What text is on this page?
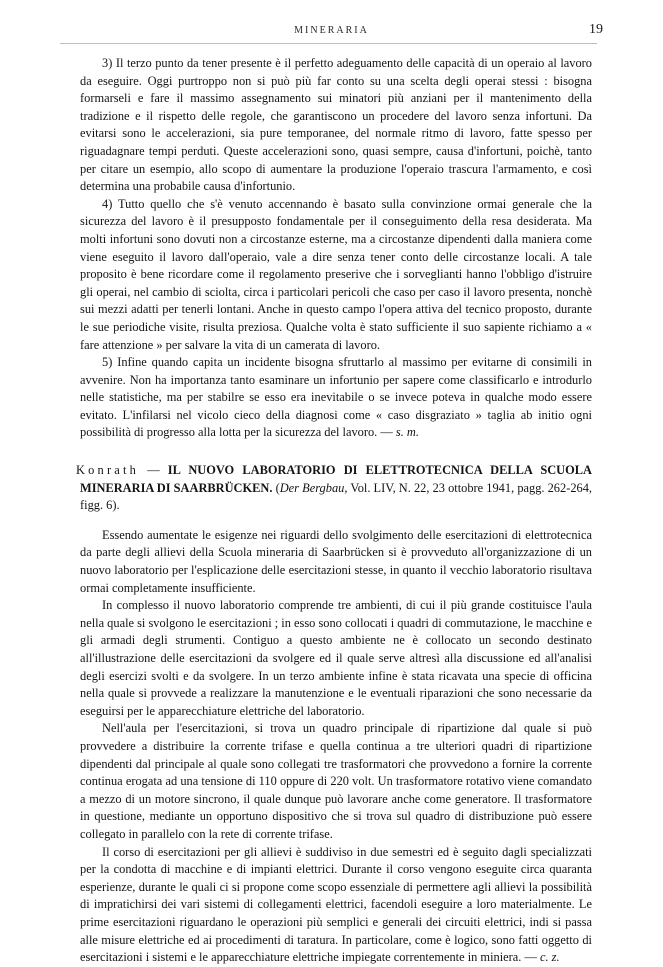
MINERARIA	19

3) Il terzo punto da tener presente è il perfetto adeguamento delle capacità di un operaio al lavoro da eseguire. Oggi purtroppo non si può più far conto su una scelta degli operai stessi : bisogna formarseli e fare il massimo assegnamento sui minatori più anziani per il mantenimento della tradizione e il rispetto delle regole, che garantiscono un procedere del lavoro senza infortuni. Da evitarsi sono le accelerazioni, sia pure temporanee, del normale ritmo di lavoro, fatte spesso per riguadagnare tempi perduti. Queste accelerazioni sono, quasi sempre, causa d'infortuni, poichè, tanto per citare un esempio, allo scopo di aumentare la produzione l'operaio trascura l'armamento, e così determina una probabile causa d'infortunio.

4) Tutto quello che s'è venuto accennando è basato sulla convinzione ormai generale che la sicurezza del lavoro è il presupposto fondamentale per il conseguimento della resa desiderata. Ma molti infortuni sono dovuti non a circostanze esterne, ma a circostanze dipendenti dalla maniera come viene eseguito il lavoro dall'operaio, vale a dire senza tener conto delle circostanze locali. A tale proposito è bene ricordare come il regolamento preserive che i sorveglianti hanno l'obbligo d'istruire gli operai, nel cambio di sciolta, circa i particolari pericoli che caso per caso il lavoro presenta, nonchè sui mezzi adatti per tenerli lontani. Anche in questo campo l'opera attiva del tecnico proposto, durante le sue periodiche visite, risulta preziosa. Qualche volta è stato sufficiente il suo sapiente richiamo a « fare attenzione » per salvare la vita di un camerata di lavoro.

5) Infine quando capita un incidente bisogna sfruttarlo al massimo per evitarne di consimili in avvenire. Non ha importanza tanto esaminare un infortunio per sapere come classificarlo e introdurlo nelle statistiche, ma per stabilre se esso era inevitabile o se invece poteva in qualche modo essere evitato. L'infilarsi nel vicolo cieco della diagnosi come « caso disgraziato » taglia ab initio ogni possibilità di progresso alla lotta per la sicurezza del lavoro. — s. m.

Konrath — IL NUOVO LABORATORIO DI ELETTROTECNICA DELLA SCUOLA MINERARIA DI SAARBRÜCKEN. (Der Bergbau, Vol. LIV, N. 22, 23 ottobre 1941, pagg. 262-264, figg. 6).

Essendo aumentate le esigenze nei riguardi dello svolgimento delle esercitazioni di elettrotecnica da parte degli allievi della Scuola mineraria di Saarbrücken si è provveduto all'organizzazione di un nuovo laboratorio per l'esplicazione delle esercitazioni stesse, in quanto il vecchio laboratorio risultava ormai completamente insufficiente.

In complesso il nuovo laboratorio comprende tre ambienti, di cui il più grande costituisce l'aula nella quale si svolgono le esercitazioni ; in esso sono collocati i quadri di commutazione, le macchine e gli armadi degli strumenti. Contiguo a questo ambiente ne è collocato un secondo destinato all'illustrazione delle esercitazioni da svolgere ed il quale serve altresì alla discussione ed all'analisi degli esercizi svolti e da svolgere. In un terzo ambiente infine è stata ricavata una specie di officina nella quale si provvede a realizzare la manutenzione e le eventuali riparazioni che sono necessarie da eseguirsi per le apparecchiature elettriche del laboratorio.

Nell'aula per l'esercitazioni, si trova un quadro principale di ripartizione dal quale si può provvedere a distribuire la corrente trifase e quella continua a tre ulteriori quadri di ripartizione dipendenti dal principale al quale sono collegati tre trasformatori che provvedono a fornire la corrente continua erogata ad una tensione di 110 oppure di 220 volt. Un trasformatore rotativo viene comandato a mezzo di un motore sincrono, il quale dunque può lavorare anche come generatore. Il trasformatore in questione, mediante un opportuno dispositivo che si trova sul quadro di distribuzione può essere collegato in parallelo con la rete di corrente trifase.

Il corso di esercitazioni per gli allievi è suddiviso in due semestri ed è seguito dagli specializzati per la condotta di macchine e di impianti elettrici. Durante il corso vengono eseguite circa quaranta esperienze, durante le quali ci si propone come scopo essenziale di permettere agli allievi la possibilità di impratichirsi dei vari sistemi di collegamenti elettrici, facendoli eseguire a loro materialmente. Le prime esercitazioni riguardano le operazioni più semplici e generali dei circuiti elettrici, indi si passa alle misure elettriche ed ai procedimenti di taratura. In particolare, come è logico, sono fatti oggetto di esercitazioni i sistemi e le apparecchiature elettriche impiegate correntemente in miniera. — c. z.
